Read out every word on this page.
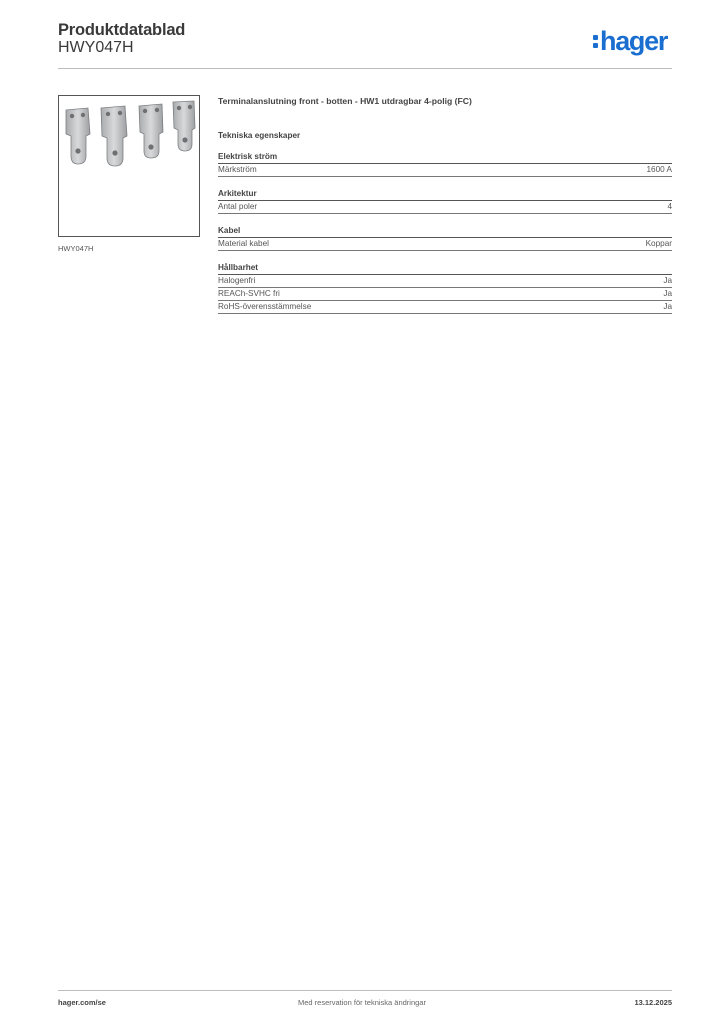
Produktdatablad
HWY047H	hager
HWY047H
Terminalanslutning front - botten - HW1 utdragbar 4-polig (FC)
Tekniska egenskaper
Elektrisk ström
Märkström	1600 A
Arkitektur
Antal poler	4
Kabel
Material kabel	Koppar
Hållbarhet
Halogenfri	Ja
REACh-SVHC fri	Ja
RoHS-överensstämmelse	Ja
hager.com/se	Med reservation för tekniska ändringar	13.12.2025
